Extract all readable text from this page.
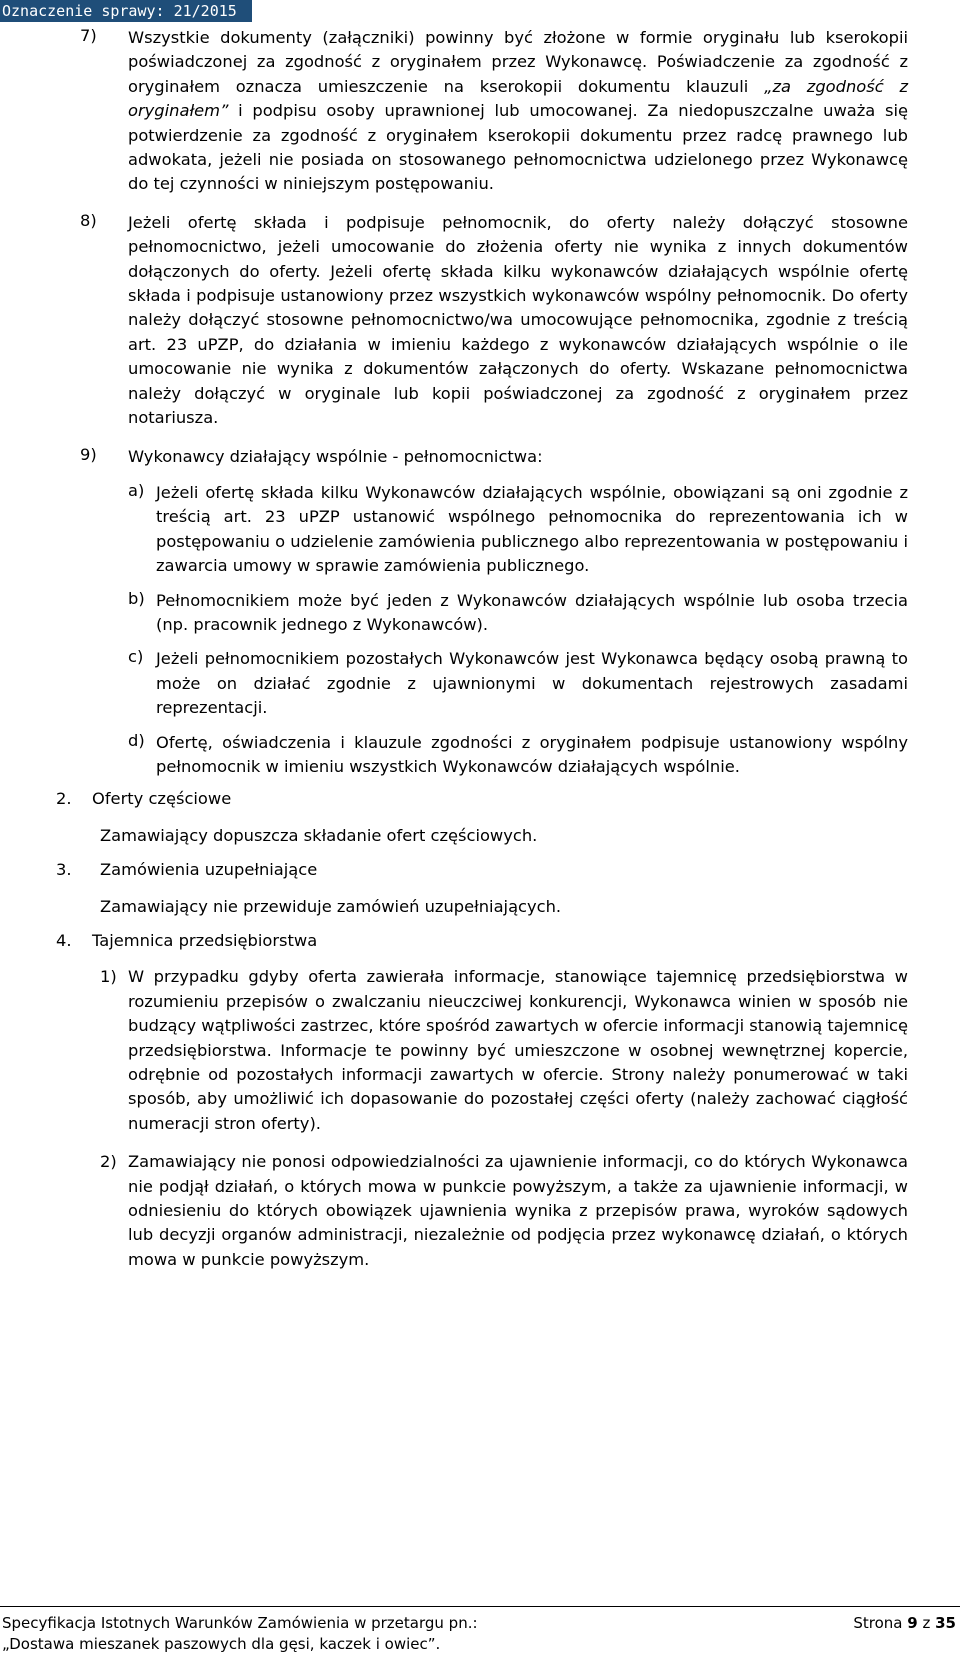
Oznaczenie sprawy: 21/2015
7) Wszystkie dokumenty (załączniki) powinny być złożone w formie oryginału lub kserokopii poświadczonej za zgodność z oryginałem przez Wykonawcę. Poświadczenie za zgodność z oryginałem oznacza umieszczenie na kserokopii dokumentu klauzuli „za zgodność z oryginałem” i podpisu osoby uprawnionej lub umocowanej. Za niedopuszczalne uważa się potwierdzenie za zgodność z oryginałem kserokopii dokumentu przez radcę prawnego lub adwokata, jeżeli nie posiada on stosowanego pełnomocnictwa udzielonego przez Wykonawcę do tej czynności w niniejszym postępowaniu.

8) Jeżeli ofertę składa i podpisuje pełnomocnik, do oferty należy dołączyć stosowne pełnomocnictwo, jeżeli umocowanie do złożenia oferty nie wynika z innych dokumentów dołączonych do oferty. Jeżeli ofertę składa kilku wykonawców działających wspólnie ofertę składa i podpisuje ustanowiony przez wszystkich wykonawców wspólny pełnomocnik. Do oferty należy dołączyć stosowne pełnomocnictwo/wa umocowujące pełnomocnika, zgodnie z treścią art. 23 uPZP, do działania w imieniu każdego z wykonawców działających wspólnie o ile umocowanie nie wynika z dokumentów załączonych do oferty. Wskazane pełnomocnictwa należy dołączyć w oryginale lub kopii poświadczonej za zgodność z oryginałem przez notariusza.

9) Wykonawcy działający wspólnie - pełnomocnictwa:

a) Jeżeli ofertę składa kilku Wykonawców działających wspólnie, obowiązani są oni zgodnie z treścią art. 23 uPZP ustanowić wspólnego pełnomocnika do reprezentowania ich w postępowaniu o udzielenie zamówienia publicznego albo reprezentowania w postępowaniu i zawarcia umowy w sprawie zamówienia publicznego.

b) Pełnomocnikiem może być jeden z Wykonawców działających wspólnie lub osoba trzecia (np. pracownik jednego z Wykonawców).

c) Jeżeli pełnomocnikiem pozostałych Wykonawców jest Wykonawca będący osobą prawną to może on działać zgodnie z ujawnionymi w dokumentach rejestrowych zasadami reprezentacji.

d) Ofertę, oświadczenia i klauzule zgodności z oryginałem podpisuje ustanowiony wspólny pełnomocnik w imieniu wszystkich Wykonawców działających wspólnie.

2. Oferty częściowe
Zamawiający dopuszcza składanie ofert częściowych.
3. Zamówienia uzupełniające
Zamawiający nie przewiduje zamówień uzupełniających.
4. Tajemnica przedsiębiorstwa
1) W przypadku gdyby oferta zawierała informacje, stanowiące tajemnicę przedsiębiorstwa w rozumieniu przepisów o zwalczaniu nieuczciwej konkurencji, Wykonawca winien w sposób nie budzący wątpliwości zastrzec, które spośród zawartych w ofercie informacji stanowią tajemnicę przedsiębiorstwa. Informacje te powinny być umieszczone w osobnej wewnętrznej kopercie, odrębnie od pozostałych informacji zawartych w ofercie. Strony należy ponumerować w taki sposób, aby umożliwić ich dopasowanie do pozostałej części oferty (należy zachować ciągłość numeracji stron oferty).

2) Zamawiający nie ponosi odpowiedzialności za ujawnienie informacji, co do których Wykonawca nie podjął działań, o których mowa w punkcie powyższym, a także za ujawnienie informacji, w odniesieniu do których obowiązek ujawnienia wynika z przepisów prawa, wyroków sądowych lub decyzji organów administracji, niezależnie od podjęcia przez wykonawcę działań, o których mowa w punkcie powyższym.

Specyfikacja Istotnych Warunków Zamówienia w przetargu pn.:
„Dostawa mieszanek paszowych dla gęsi, kaczek i owiec”.
Strona 9 z 35
